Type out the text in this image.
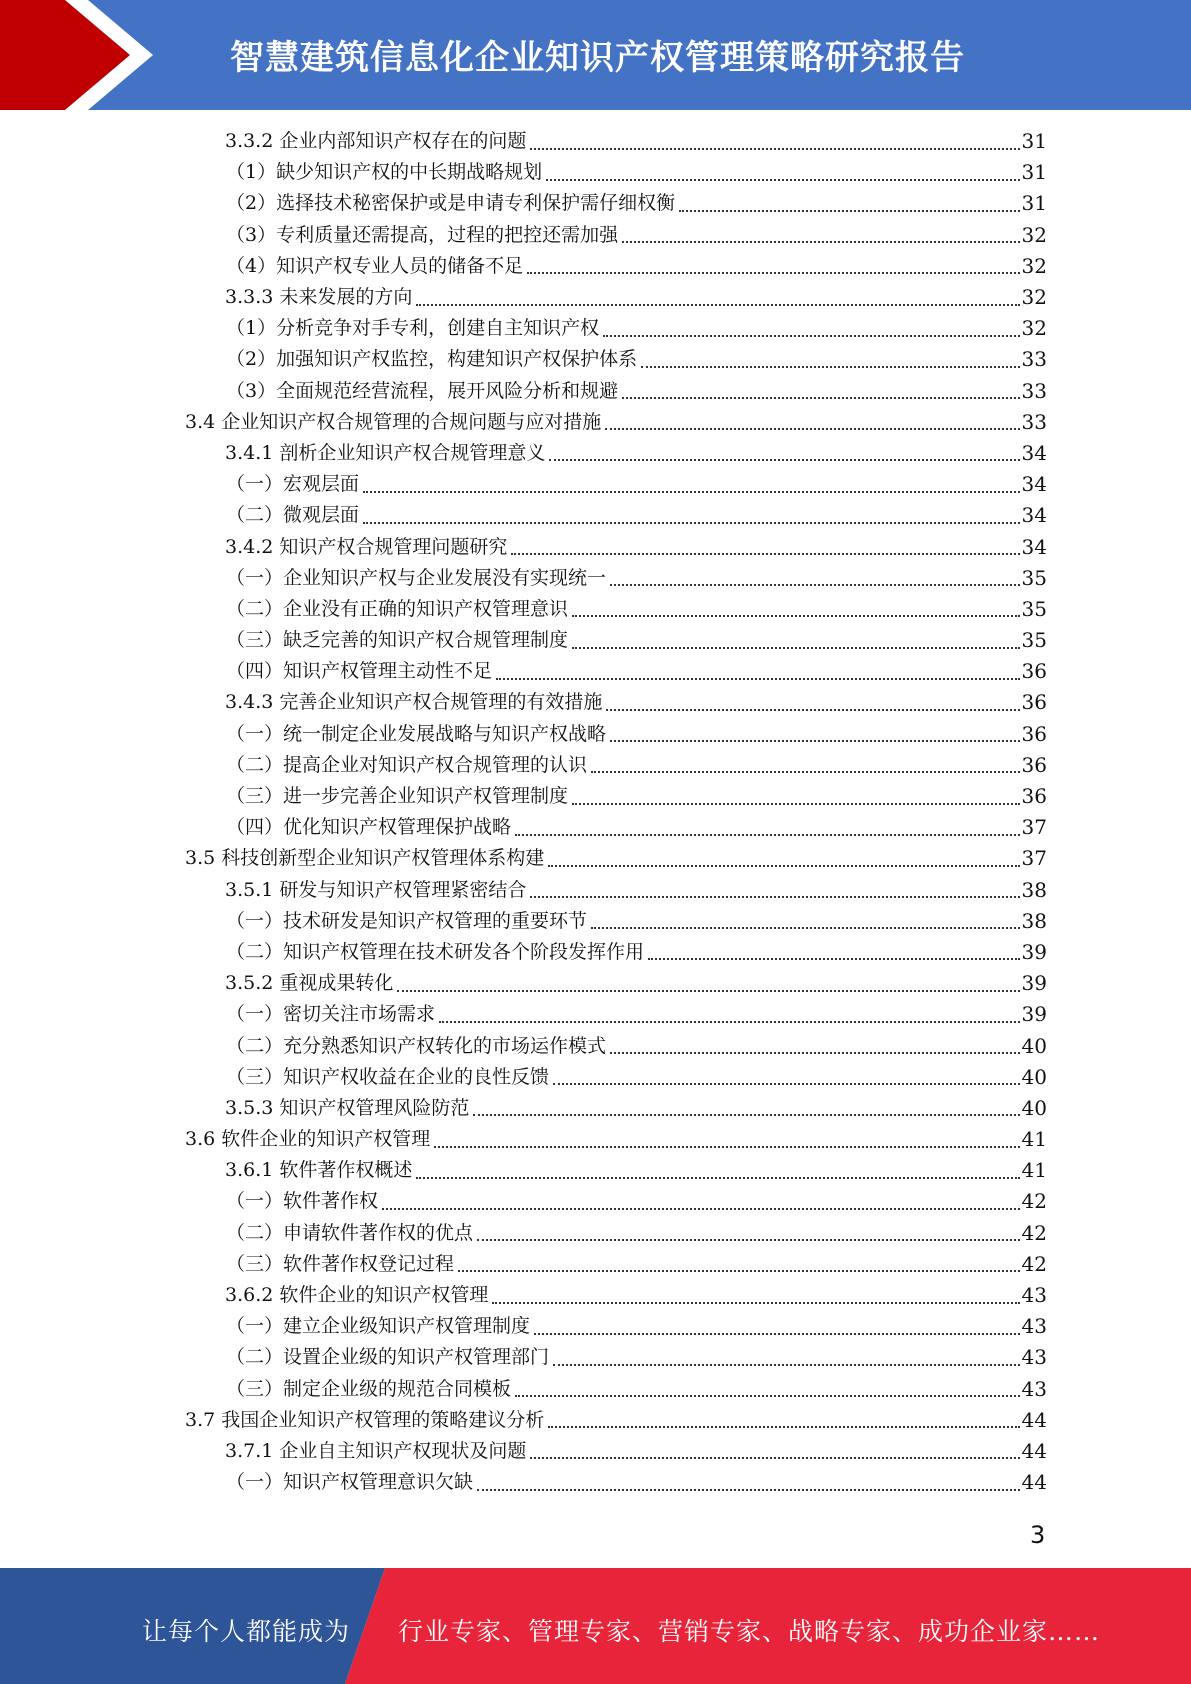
智慧建筑信息化企业知识产权管理策略研究报告
3.3.2 企业内部知识产权存在的问题	31
（1）缺少知识产权的中长期战略规划	31
（2）选择技术秘密保护或是申请专利保护需仔细权衡	31
（3）专利质量还需提高，过程的把控还需加强	32
（4）知识产权专业人员的储备不足	32
3.3.3 未来发展的方向	32
（1）分析竞争对手专利，创建自主知识产权	32
（2）加强知识产权监控，构建知识产权保护体系	33
（3）全面规范经营流程，展开风险分析和规避	33
3.4 企业知识产权合规管理的合规问题与应对措施	33
3.4.1 剖析企业知识产权合规管理意义	34
（一）宏观层面	34
（二）微观层面	34
3.4.2 知识产权合规管理问题研究	34
（一）企业知识产权与企业发展没有实现统一	35
（二）企业没有正确的知识产权管理意识	35
（三）缺乏完善的知识产权合规管理制度	35
（四）知识产权管理主动性不足	36
3.4.3 完善企业知识产权合规管理的有效措施	36
（一）统一制定企业发展战略与知识产权战略	36
（二）提高企业对知识产权合规管理的认识	36
（三）进一步完善企业知识产权管理制度	36
（四）优化知识产权管理保护战略	37
3.5 科技创新型企业知识产权管理体系构建	37
3.5.1 研发与知识产权管理紧密结合	38
（一）技术研发是知识产权管理的重要环节	38
（二）知识产权管理在技术研发各个阶段发挥作用	39
3.5.2 重视成果转化	39
（一）密切关注市场需求	39
（二）充分熟悉知识产权转化的市场运作模式	40
（三）知识产权收益在企业的良性反馈	40
3.5.3 知识产权管理风险防范	40
3.6 软件企业的知识产权管理	41
3.6.1 软件著作权概述	41
（一）软件著作权	42
（二）申请软件著作权的优点	42
（三）软件著作权登记过程	42
3.6.2 软件企业的知识产权管理	43
（一）建立企业级知识产权管理制度	43
（二）设置企业级的知识产权管理部门	43
（三）制定企业级的规范合同模板	43
3.7 我国企业知识产权管理的策略建议分析	44
3.7.1 企业自主知识产权现状及问题	44
（一）知识产权管理意识欠缺	44
3
让每个人都能成为 行业专家、管理专家、营销专家、战略专家、成功企业家……
